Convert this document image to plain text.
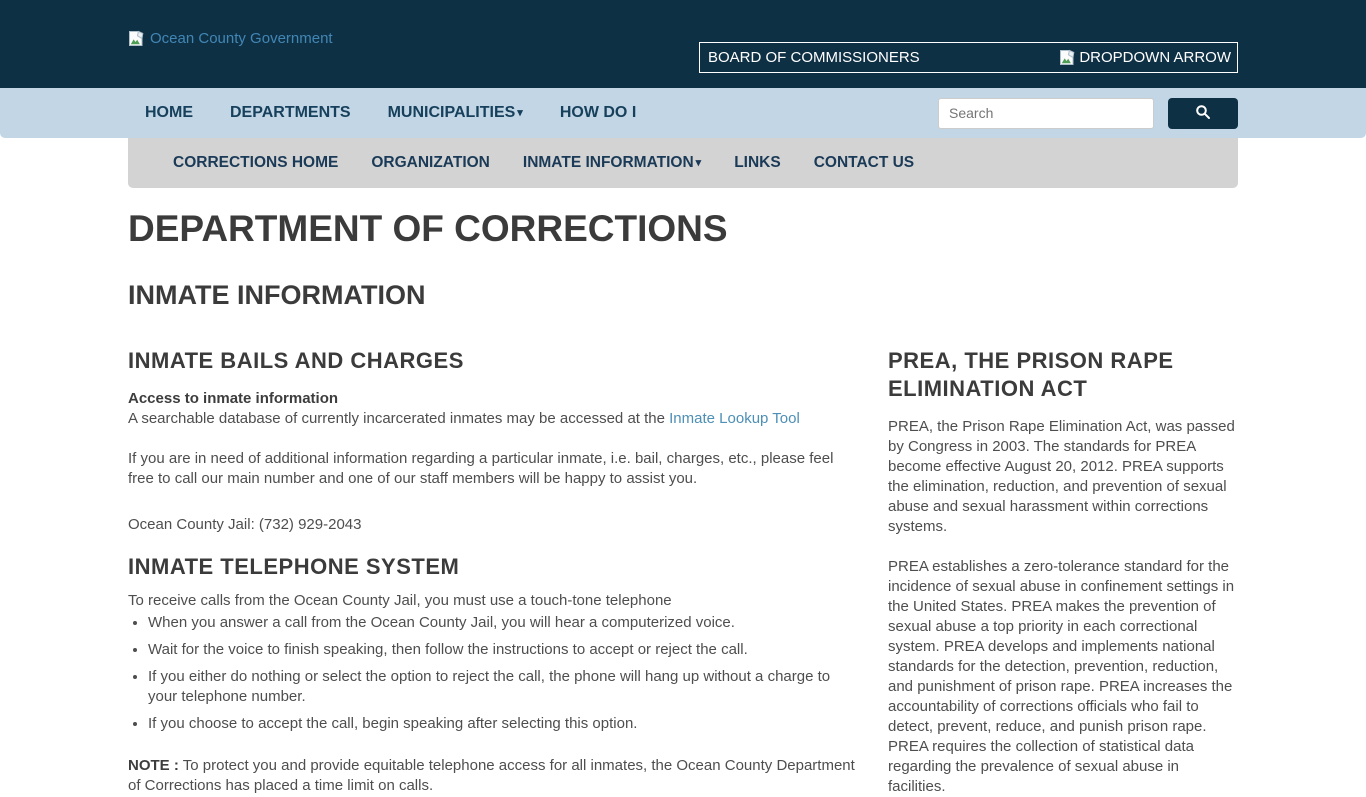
Ocean County Government
BOARD OF COMMISSIONERS	DROPDOWN ARROW
HOME DEPARTMENTS MUNICIPALITIES ▾ HOW DO I
Search
CORRECTIONS HOME ORGANIZATION INMATE INFORMATION ▾ LINKS CONTACT US
DEPARTMENT OF CORRECTIONS
INMATE INFORMATION
INMATE BAILS AND CHARGES

Access to inmate information

A searchable database of currently incarcerated inmates may be accessed at the Inmate Lookup Tool

If you are in need of additional information regarding a particular inmate, i.e. bail, charges, etc., please feel free to call our main number and one of our staff members will be happy to assist you.

Ocean County Jail: (732) 929-2043

INMATE TELEPHONE SYSTEM

To receive calls from the Ocean County Jail, you must use a touch-tone telephone

• When you answer a call from the Ocean County Jail, you will hear a computerized voice.
• Wait for the voice to finish speaking, then follow the instructions to accept or reject the call.
• If you either do nothing or select the option to reject the call, the phone will hang up without a charge to your telephone number.
• If you choose to accept the call, begin speaking after selecting this option.

NOTE : To protect you and provide equitable telephone access for all inmates, the Ocean County Department of Corrections has placed a time limit on calls.

PREA, THE PRISON RAPE ELIMINATION ACT

PREA, the Prison Rape Elimination Act, was passed by Congress in 2003. The standards for PREA become effective August 20, 2012. PREA supports the elimination, reduction, and prevention of sexual abuse and sexual harassment within corrections systems.

PREA establishes a zero-tolerance standard for the incidence of sexual abuse in confinement settings in the United States. PREA makes the prevention of sexual abuse a top priority in each correctional system. PREA develops and implements national standards for the detection, prevention, reduction, and punishment of prison rape. PREA increases the accountability of corrections officials who fail to detect, prevent, reduce, and punish prison rape. PREA requires the collection of statistical data regarding the prevalence of sexual abuse in facilities.
